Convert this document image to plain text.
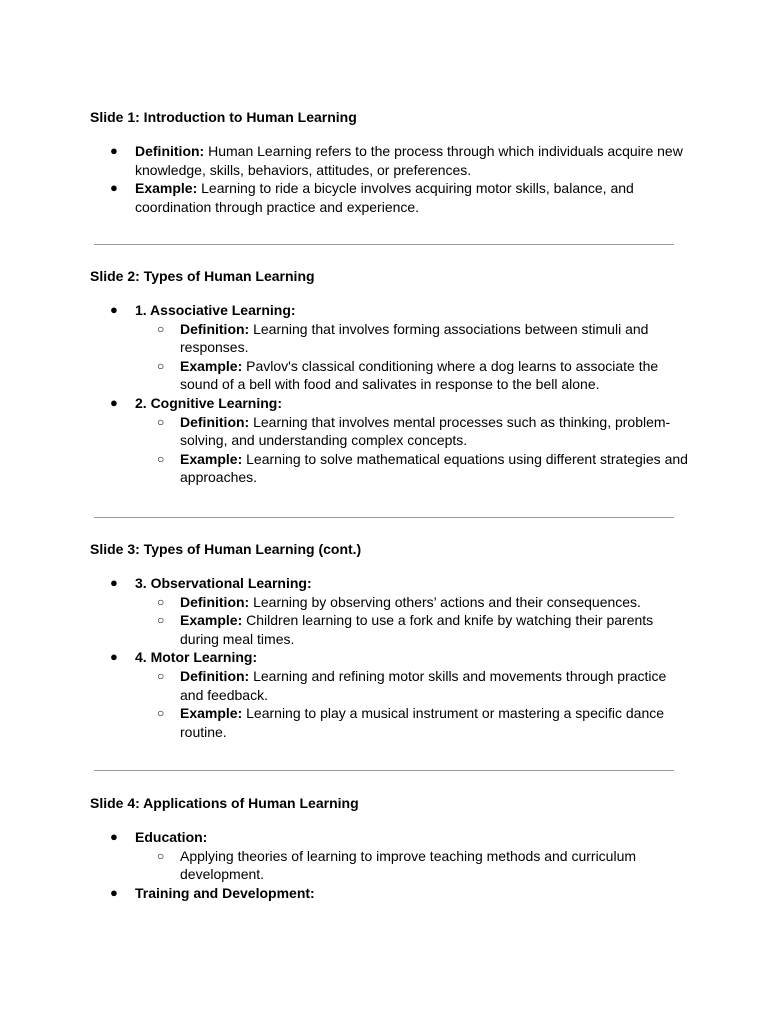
Slide 1: Introduction to Human Learning
● Definition: Human Learning refers to the process through which individuals acquire new knowledge, skills, behaviors, attitudes, or preferences.
● Example: Learning to ride a bicycle involves acquiring motor skills, balance, and coordination through practice and experience.
Slide 2: Types of Human Learning
● 1. Associative Learning:
○ Definition: Learning that involves forming associations between stimuli and responses.
○ Example: Pavlov's classical conditioning where a dog learns to associate the sound of a bell with food and salivates in response to the bell alone.
● 2. Cognitive Learning:
○ Definition: Learning that involves mental processes such as thinking, problem-solving, and understanding complex concepts.
○ Example: Learning to solve mathematical equations using different strategies and approaches.
Slide 3: Types of Human Learning (cont.)
● 3. Observational Learning:
○ Definition: Learning by observing others’ actions and their consequences.
○ Example: Children learning to use a fork and knife by watching their parents during meal times.
● 4. Motor Learning:
○ Definition: Learning and refining motor skills and movements through practice and feedback.
○ Example: Learning to play a musical instrument or mastering a specific dance routine.
Slide 4: Applications of Human Learning
● Education:
○ Applying theories of learning to improve teaching methods and curriculum development.
● Training and Development:
